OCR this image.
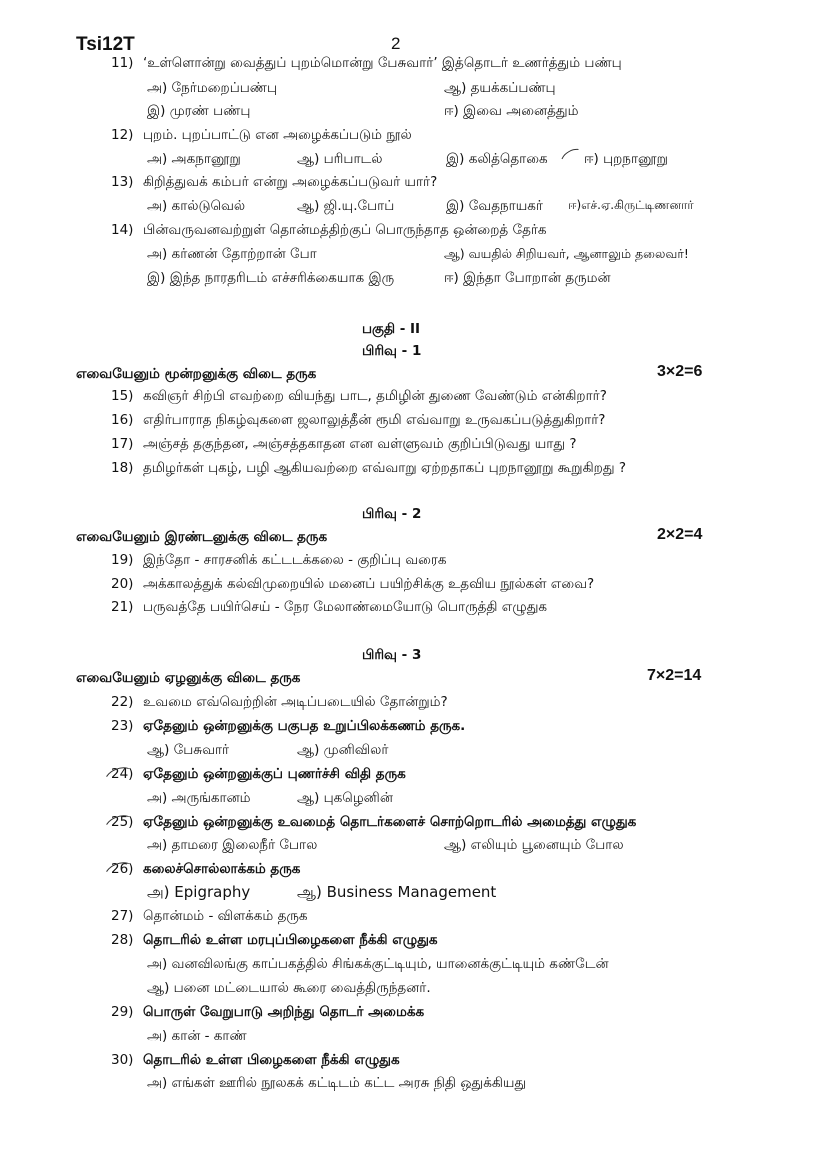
Tsi12T	2
11) ‘உள்ளொன்று வைத்துப் புறம்மொன்று பேசுவார்’ இத்தொடர் உணர்த்தும் பண்பு
அ) நேர்மறைப்பண்பு	ஆ) தயக்கப்பண்பு
இ) முரண் பண்பு	ஈ) இவை அனைத்தும்
12) புறம். புறப்பாட்டு என அழைக்கப்படும் நூல்
அ) அகநானூறு	ஆ) பரிபாடல்	இ) கலித்தொகை	ஈ) புறநானூறு
13) கிறித்துவக் கம்பர் என்று அழைக்கப்படுவர் யார்?
அ) கால்டுவெல்	ஆ) ஜி.யு.போப்	இ) வேதநாயகர் ஈ)எச்.ஏ.கிருட்டிணனார்
14) பின்வருவனவற்றுள் தொன்மத்திற்குப் பொருந்தாத ஒன்றைத் தேர்க
அ) கர்ணன் தோற்றான் போ	ஆ) வயதில் சிறியவர், ஆனாலும் தலைவர்!
இ) இந்த நாரதரிடம் எச்சரிக்கையாக இரு	ஈ) இந்தா போறான் தருமன்
பகுதி - II
பிரிவு - 1
எவையேனும் மூன்றனுக்கு விடை தருக	3×2=6
15) கவிஞர் சிற்பி எவற்றை வியந்து பாட, தமிழின் துணை வேண்டும் என்கிறார்?
16) எதிர்பாராத நிகழ்வுகளை ஜலாலுத்தீன் ரூமி எவ்வாறு உருவகப்படுத்துகிறார்?
17) அஞ்சத் தகுந்தன, அஞ்சத்தகாதன என வள்ளுவம் குறிப்பிடுவது யாது ?
18) தமிழர்கள் புகழ், பழி ஆகியவற்றை எவ்வாறு ஏற்றதாகப் புறநானூறு கூறுகிறது ?
பிரிவு - 2
எவையேனும் இரண்டனுக்கு விடை தருக	2×2=4
19) இந்தோ - சாரசனிக் கட்டடக்கலை - குறிப்பு வரைக
20) அக்காலத்துக் கல்விமுறையில் மனைப் பயிற்சிக்கு உதவிய நூல்கள் எவை?
21) பருவத்தே பயிர்செய் - நேர மேலாண்மையோடு பொருத்தி எழுதுக
பிரிவு - 3
எவையேனும் ஏழனுக்கு விடை தருக	7×2=14
22) உவமை எவ்வெற்றின் அடிப்படையில் தோன்றும்?
23) ஏதேனும் ஒன்றனுக்கு பகுபத உறுப்பிலக்கணம் தருக.
ஆ) பேசுவார்	ஆ) முனிவிலர்
24) ஏதேனும் ஒன்றனுக்குப் புணர்ச்சி விதி தருக
அ) அருங்கானம்	ஆ) புகழெனின்
25) ஏதேனும் ஒன்றனுக்கு உவமைத் தொடர்களைச் சொற்றொடரில் அமைத்து எழுதுக
அ) தாமரை இலைநீர் போல	ஆ) எலியும் பூனையும் போல
26) கலைச்சொல்லாக்கம் தருக
அ) Epigraphy	ஆ) Business Management
27) தொன்மம் - விளக்கம் தருக
28) தொடரில் உள்ள மரபுப்பிழைகளை நீக்கி எழுதுக
அ) வனவிலங்கு காப்பகத்தில் சிங்கக்குட்டியும், யானைக்குட்டியும் கண்டேன்
ஆ) பனை மட்டையால் கூரை வைத்திருந்தனர்.
29) பொருள் வேறுபாடு அறிந்து தொடர் அமைக்க
அ) கான் - காண்
30) தொடரில் உள்ள பிழைகளை நீக்கி எழுதுக
அ) எங்கள் ஊரில் நூலகக் கட்டிடம் கட்ட அரசு நிதி ஒதுக்கியது
